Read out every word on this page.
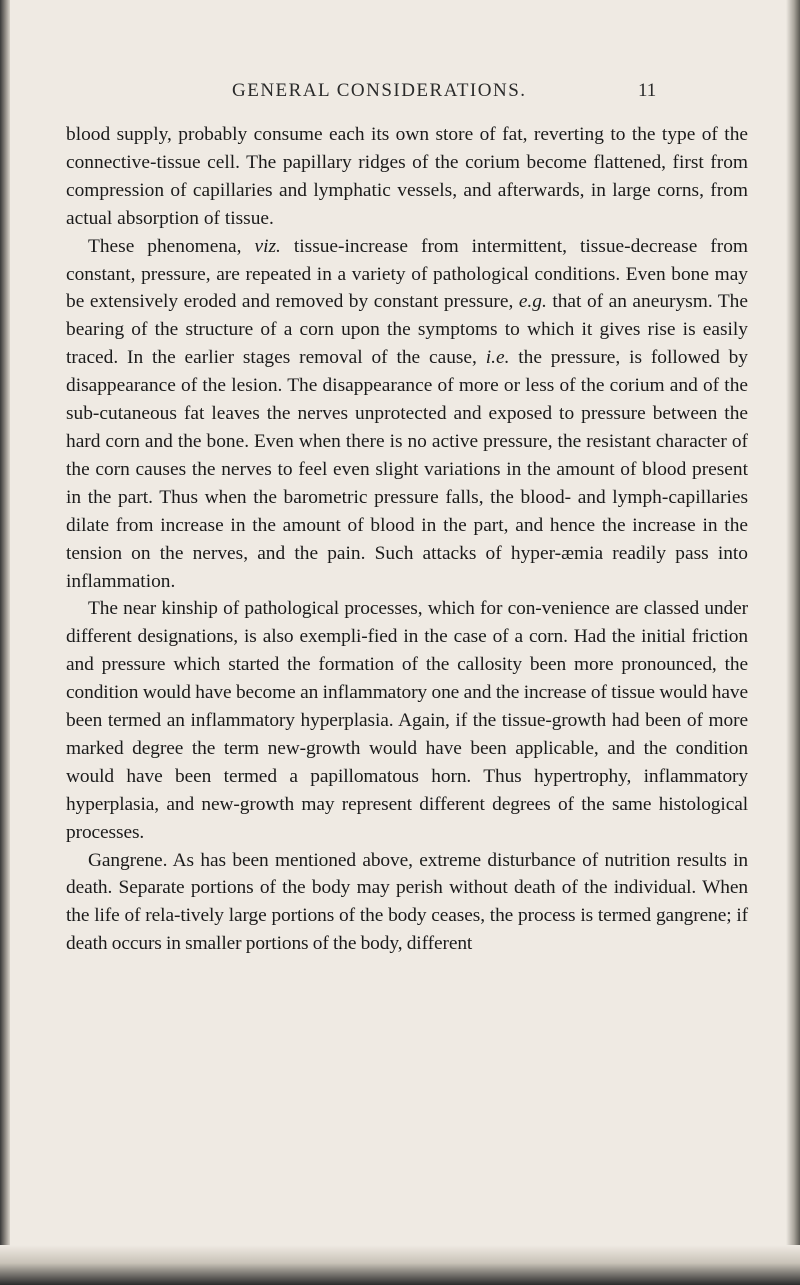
GENERAL CONSIDERATIONS.	11

blood supply, probably consume each its own store of fat, reverting to the type of the connective-tissue cell. The papillary ridges of the corium become flattened, first from compression of capillaries and lymphatic vessels, and afterwards, in large corns, from actual absorption of tissue.

These phenomena, viz. tissue-increase from intermittent, tissue-decrease from constant, pressure, are repeated in a variety of pathological conditions. Even bone may be extensively eroded and removed by constant pressure, e.g. that of an aneurysm. The bearing of the structure of a corn upon the symptoms to which it gives rise is easily traced. In the earlier stages removal of the cause, i.e. the pressure, is followed by disappearance of the lesion. The disappearance of more or less of the corium and of the sub-cutaneous fat leaves the nerves unprotected and exposed to pressure between the hard corn and the bone. Even when there is no active pressure, the resistant character of the corn causes the nerves to feel even slight variations in the amount of blood present in the part. Thus when the barometric pressure falls, the blood- and lymph-capillaries dilate from increase in the amount of blood in the part, and hence the increase in the tension on the nerves, and the pain. Such attacks of hyper-æmia readily pass into inflammation.

The near kinship of pathological processes, which for con-venience are classed under different designations, is also exempli-fied in the case of a corn. Had the initial friction and pressure which started the formation of the callosity been more pronounced, the condition would have become an inflammatory one and the increase of tissue would have been termed an inflammatory hyperplasia. Again, if the tissue-growth had been of more marked degree the term new-growth would have been applicable, and the condition would have been termed a papillomatous horn. Thus hypertrophy, inflammatory hyperplasia, and new-growth may represent different degrees of the same histological processes.

Gangrene. As has been mentioned above, extreme disturbance of nutrition results in death. Separate portions of the body may perish without death of the individual. When the life of rela-tively large portions of the body ceases, the process is termed gangrene; if death occurs in smaller portions of the body, different
